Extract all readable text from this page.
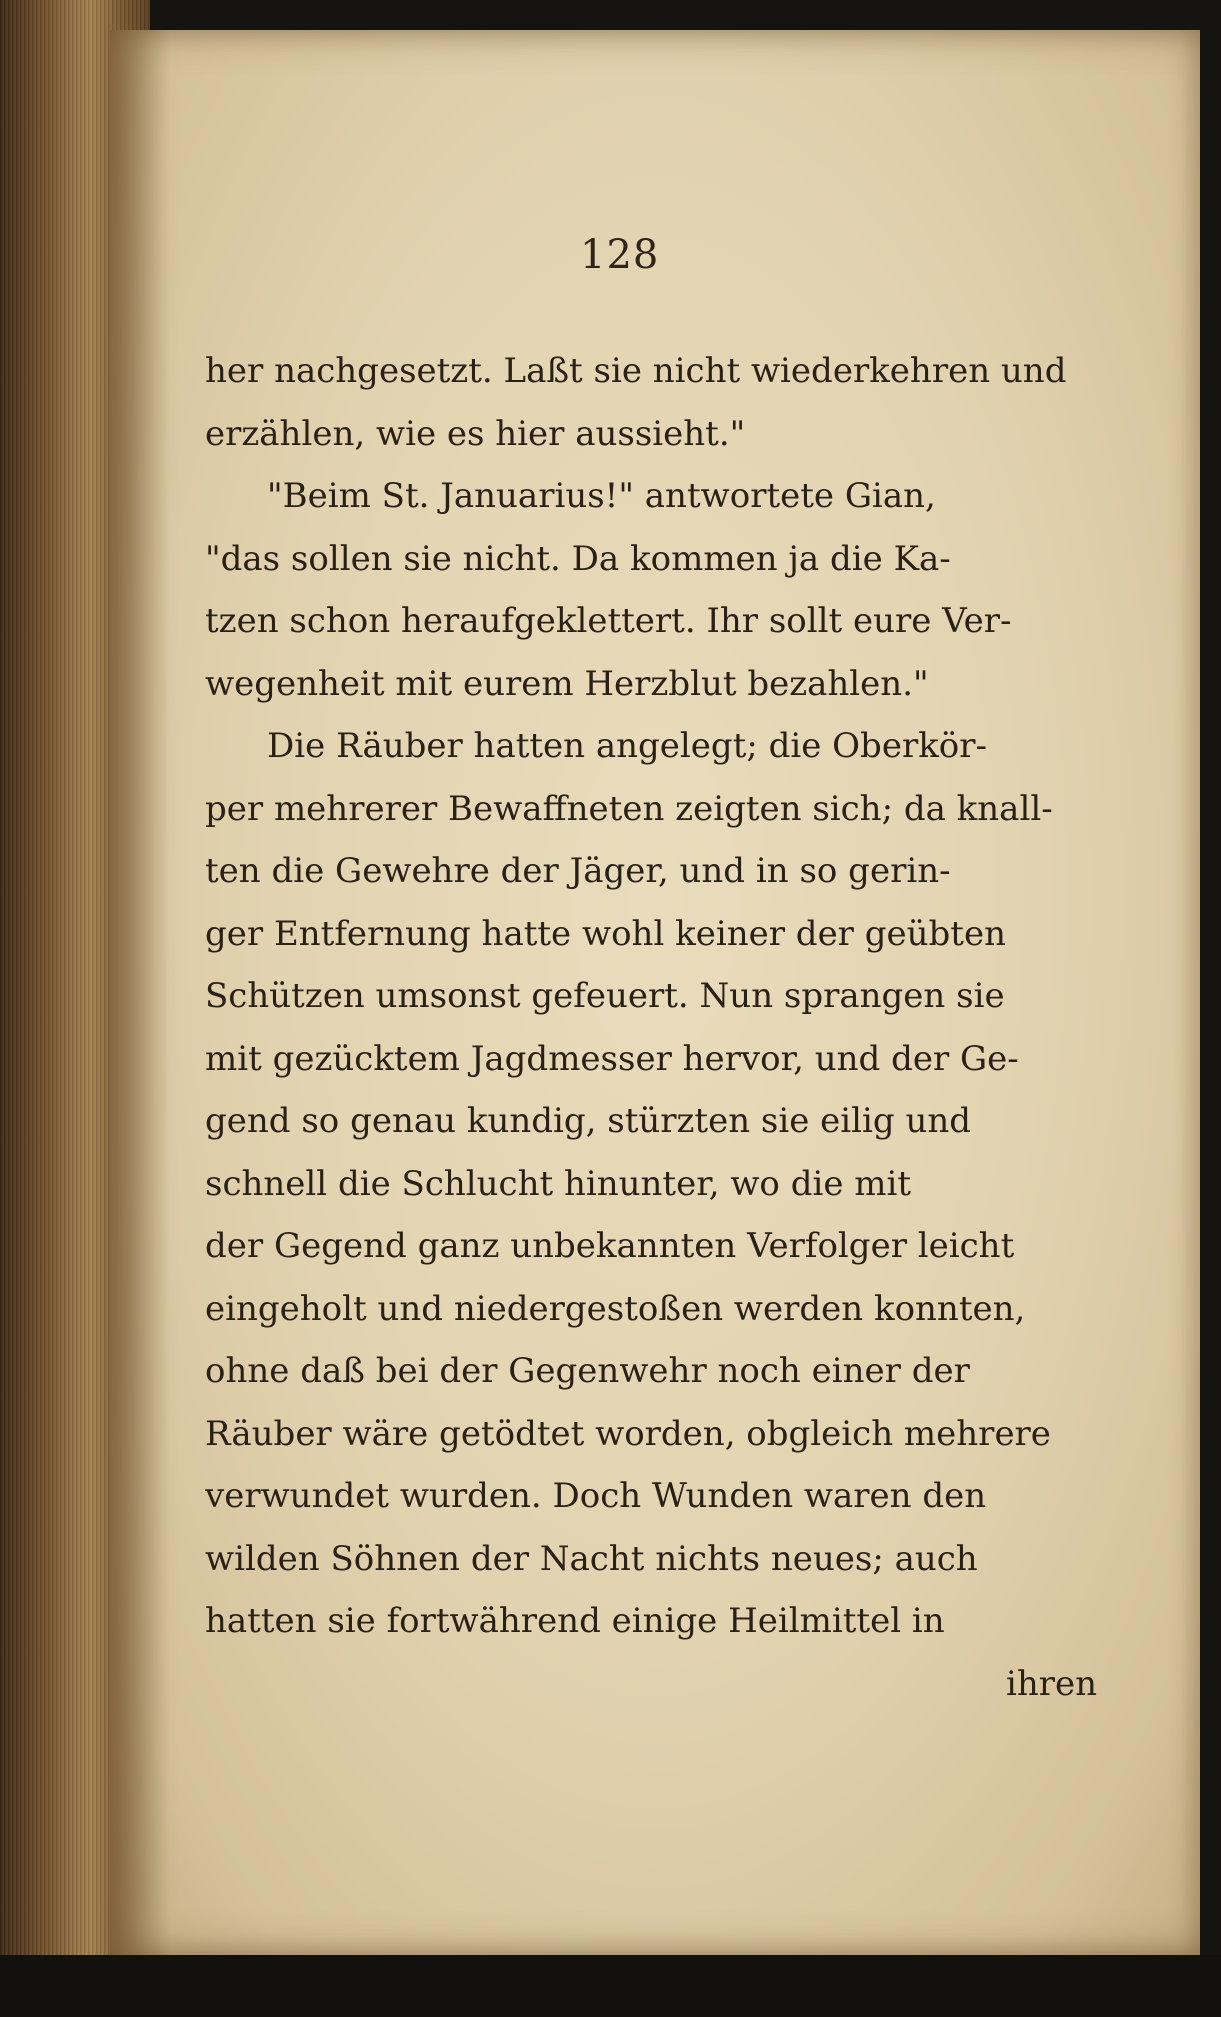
128
her nachgesetzt. Laßt sie nicht wiederkehren und
erzählen, wie es hier aussieht."
"Beim St. Januarius!" antwortete Gian,
"das sollen sie nicht. Da kommen ja die Ka-
tzen schon heraufgeklettert. Ihr sollt eure Ver-
wegenheit mit eurem Herzblut bezahlen."
Die Räuber hatten angelegt; die Oberkör-
per mehrerer Bewaffneten zeigten sich; da knall-
ten die Gewehre der Jäger, und in so gerin-
ger Entfernung hatte wohl keiner der geübten
Schützen umsonst gefeuert. Nun sprangen sie
mit gezücktem Jagdmesser hervor, und der Ge-
gend so genau kundig, stürzten sie eilig und
schnell die Schlucht hinunter, wo die mit
der Gegend ganz unbekannten Verfolger leicht
eingeholt und niedergestoßen werden konnten,
ohne daß bei der Gegenwehr noch einer der
Räuber wäre getödtet worden, obgleich mehrere
verwundet wurden. Doch Wunden waren den
wilden Söhnen der Nacht nichts neues; auch
hatten sie fortwährend einige Heilmittel in
ihren
